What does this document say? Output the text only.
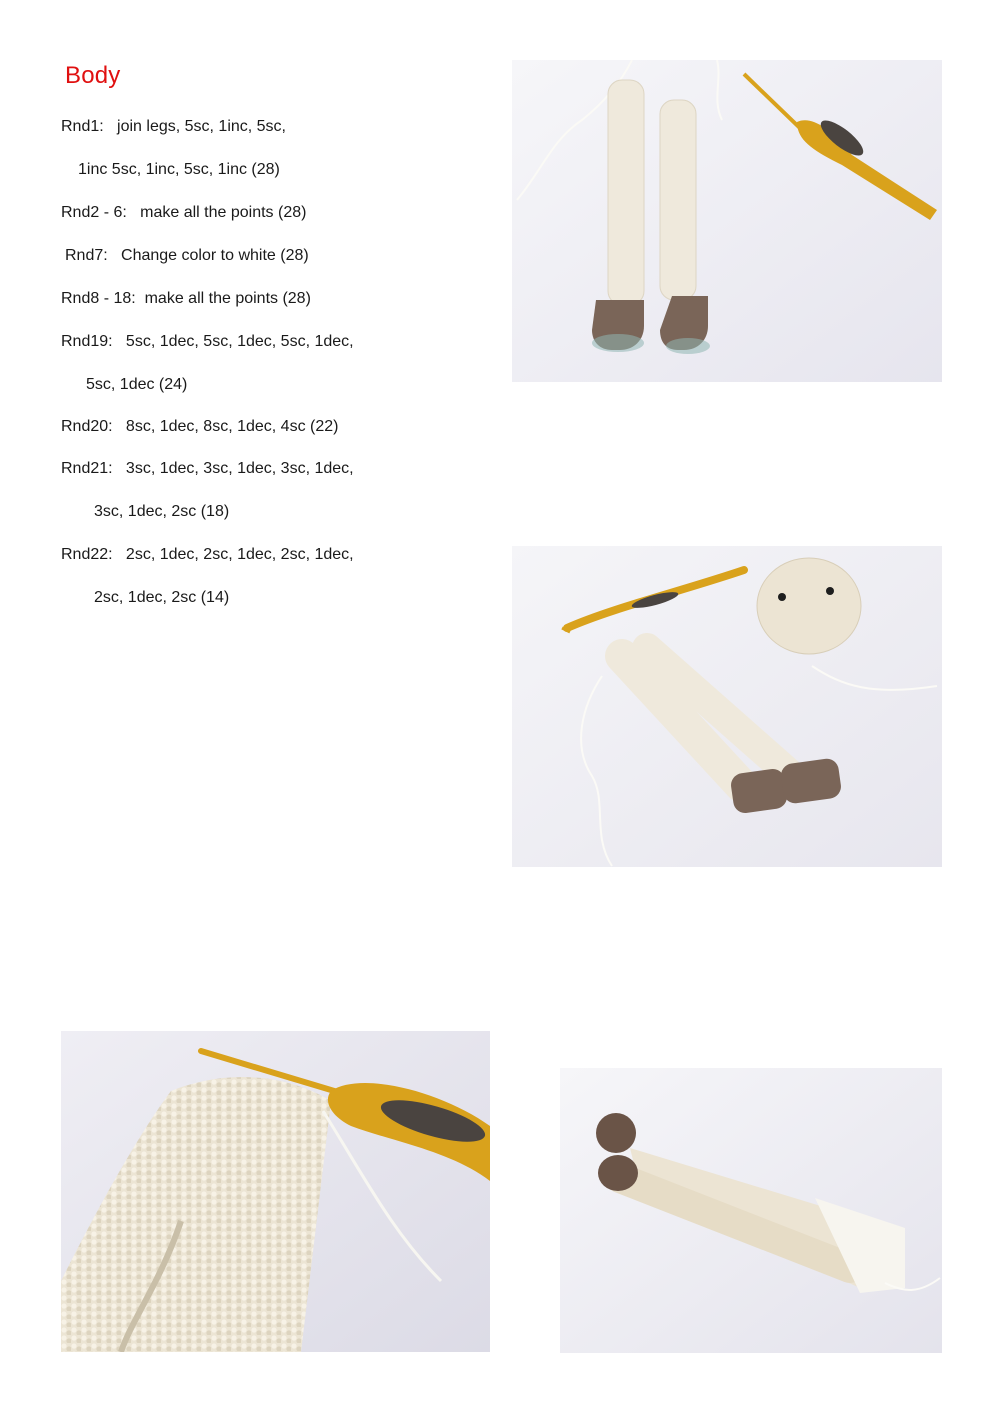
Body
Rnd1:   join legs, 5sc, 1inc, 5sc,
1inc 5sc, 1inc, 5sc, 1inc (28)
Rnd2 - 6:   make all the points (28)
Rnd7:   Change color to white (28)
Rnd8 - 18:  make all the points (28)
Rnd19:   5sc, 1dec, 5sc, 1dec, 5sc, 1dec,
5sc, 1dec (24)
Rnd20:   8sc, 1dec, 8sc, 1dec, 4sc (22)
Rnd21:   3sc, 1dec, 3sc, 1dec, 3sc, 1dec,
3sc, 1dec, 2sc (18)
Rnd22:   2sc, 1dec, 2sc, 1dec, 2sc, 1dec,
2sc, 1dec, 2sc (14)
